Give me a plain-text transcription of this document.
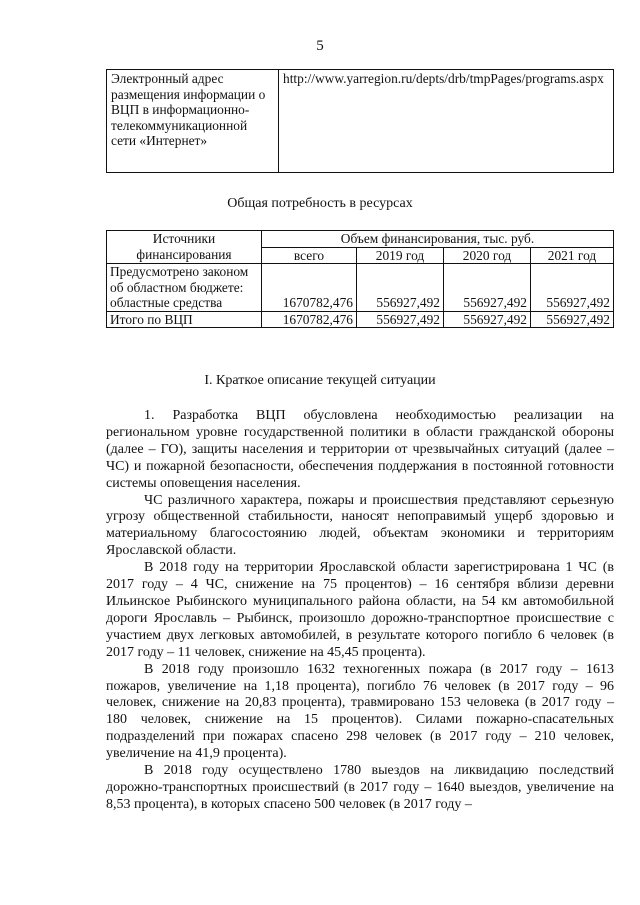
5
Электронный адрес размещения информации о ВЦП в информационно-телекоммуникационной сети «Интернет»	http://www.yarregion.ru/depts/drb/tmpPages/programs.aspx
Общая потребность в ресурсах
Источники финансирования	Объем финансирования, тыс. руб.			
	всего	2019 год	2020 год	2021 год
Предусмотрено законом об областном бюджете: областные средства	1670782,476	556927,492	556927,492	556927,492
Итого по ВЦП	1670782,476	556927,492	556927,492	556927,492
I. Краткое описание текущей ситуации

1. Разработка ВЦП обусловлена необходимостью реализации на региональном уровне государственной политики в области гражданской обороны (далее – ГО), защиты населения и территории от чрезвычайных ситуаций (далее – ЧС) и пожарной безопасности, обеспечения поддержания в постоянной готовности системы оповещения населения.

ЧС различного характера, пожары и происшествия представляют серьезную угрозу общественной стабильности, наносят непоправимый ущерб здоровью и материальному благосостоянию людей, объектам экономики и территориям Ярославской области.

В 2018 году на территории Ярославской области зарегистрирована 1 ЧС (в 2017 году – 4 ЧС, снижение на 75 процентов) – 16 сентября вблизи деревни Ильинское Рыбинского муниципального района области, на 54 км автомобильной дороги Ярославль – Рыбинск, произошло дорожно-транспортное происшествие с участием двух легковых автомобилей, в результате которого погибло 6 человек (в 2017 году – 11 человек, снижение на 45,45 процента).

В 2018 году произошло 1632 техногенных пожара (в 2017 году – 1613 пожаров, увеличение на 1,18 процента), погибло 76 человек (в 2017 году – 96 человек, снижение на 20,83 процента), травмировано 153 человека (в 2017 году – 180 человек, снижение на 15 процентов). Силами пожарно-спасательных подразделений при пожарах спасено 298 человек (в 2017 году – 210 человек, увеличение на 41,9 процента).

В 2018 году осуществлено 1780 выездов на ликвидацию последствий дорожно-транспортных происшествий (в 2017 году – 1640 выездов, увеличение на 8,53 процента), в которых спасено 500 человек (в 2017 году –
